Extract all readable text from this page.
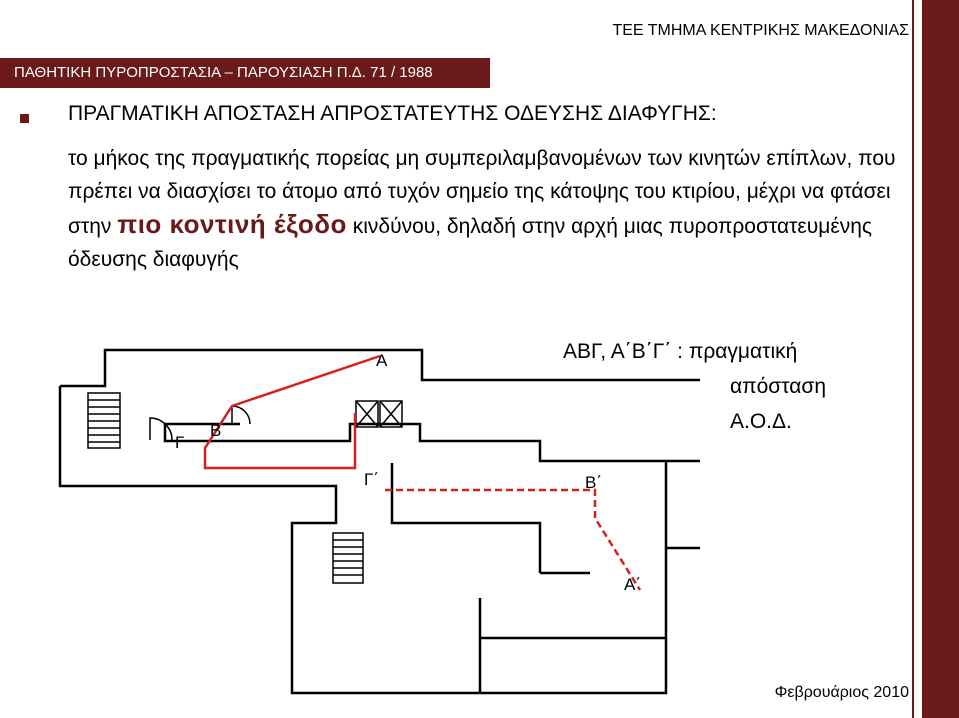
ΤΕΕ ΤΜΗΜΑ ΚΕΝΤΡΙΚΗΣ ΜΑΚΕΔΟΝΙΑΣ
ΠΑΘΗΤΙΚΗ ΠΥΡΟΠΡΟΣΤΑΣΙΑ – ΠΑΡΟΥΣΙΑΣΗ Π.Δ. 71 / 1988
ΠΡΑΓΜΑΤΙΚΗ ΑΠΟΣΤΑΣΗ ΑΠΡΟΣΤΑΤΕΥΤΗΣ ΟΔΕΥΣΗΣ ΔΙΑΦΥΓΗΣ:
το μήκος της πραγματικής πορείας μη συμπεριλαμβανομένων των κινητών επίπλων, που πρέπει να διασχίσει το άτομο από τυχόν σημείο της κάτοψης του κτιρίου, μέχρι να φτάσει στην πιο κοντινή έξοδο κινδύνου, δηλαδή στην αρχή μιας πυροπροστατευμένης όδευσης διαφυγής
Α
Β
Γ
Γ΄	Β΄
Α΄
ΑΒΓ, Α΄Β΄Γ΄ : πραγματική
απόσταση
Α.Ο.Δ.
Φεβρουάριος 2010
